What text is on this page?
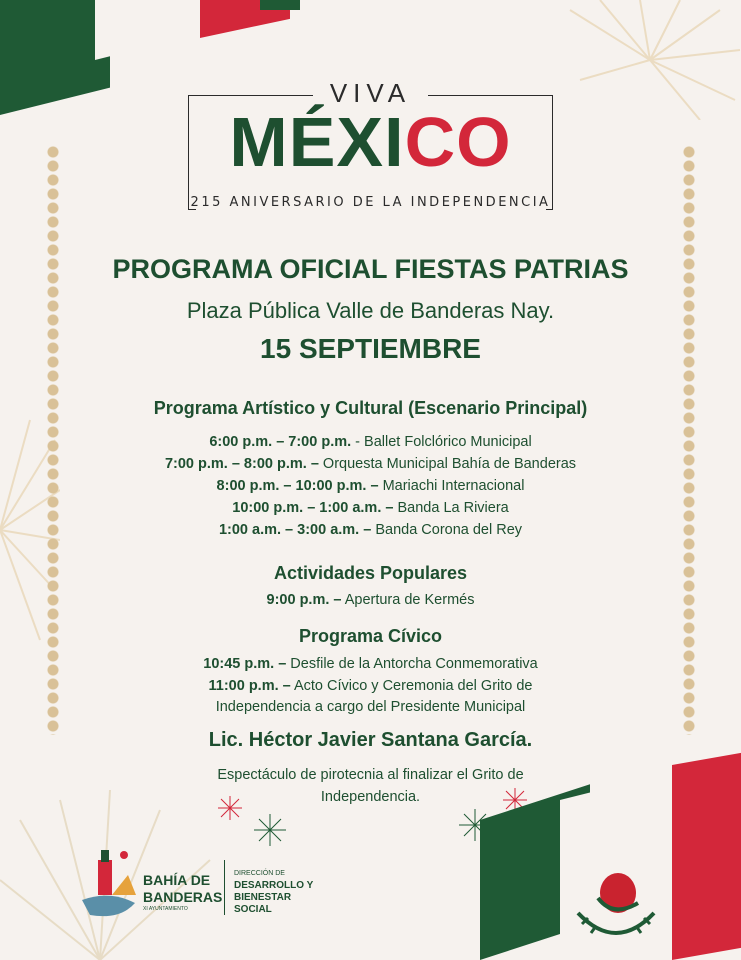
VIVA
MÉXICO
215 ANIVERSARIO DE LA INDEPENDENCIA
PROGRAMA OFICIAL FIESTAS PATRIAS
Plaza Pública Valle de Banderas Nay.
15 SEPTIEMBRE
Programa Artístico y Cultural (Escenario Principal)
6:00 p.m. – 7:00 p.m. - Ballet Folclórico Municipal
7:00 p.m. – 8:00 p.m. – Orquesta Municipal Bahía de Banderas
8:00 p.m. – 10:00 p.m. – Mariachi Internacional
10:00 p.m. – 1:00 a.m. – Banda La Riviera
1:00 a.m. – 3:00 a.m. – Banda Corona del Rey
Actividades Populares
9:00 p.m. – Apertura de Kermés
Programa Cívico
10:45 p.m. – Desfile de la Antorcha Conmemorativa
11:00 p.m. – Acto Cívico y Ceremonia del Grito de
Independencia a cargo del Presidente Municipal
Lic. Héctor Javier Santana García.
Espectáculo de pirotecnia al finalizar el Grito de
Independencia.
BAHÍA DE
BANDERAS
XI AYUNTAMIENTO
DIRECCIÓN DE
DESARROLLO Y
BIENESTAR
SOCIAL
